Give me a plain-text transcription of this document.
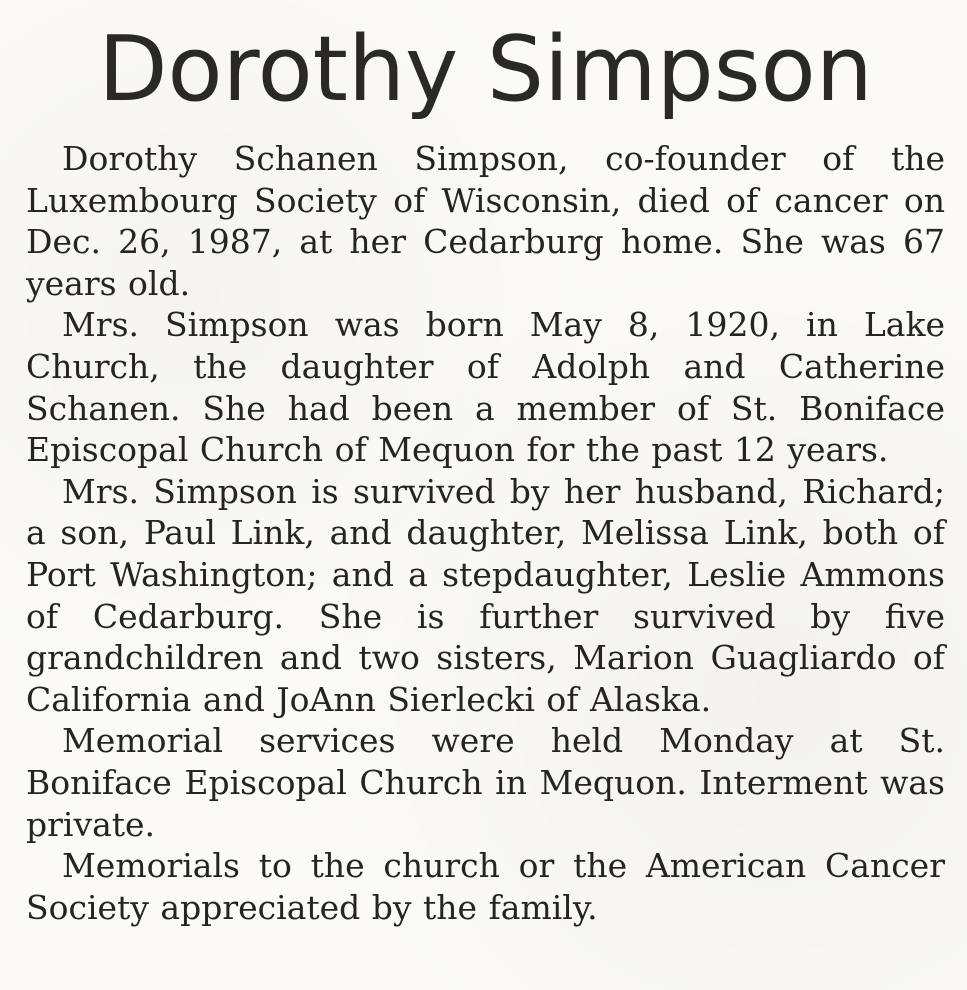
Dorothy Simpson

Dorothy Schanen Simpson, co-founder of the Luxembourg Society of Wisconsin, died of cancer on Dec. 26, 1987, at her Cedarburg home. She was 67 years old.

Mrs. Simpson was born May 8, 1920, in Lake Church, the daughter of Adolph and Catherine Schanen. She had been a member of St. Boniface Episcopal Church of Mequon for the past 12 years.

Mrs. Simpson is survived by her husband, Richard; a son, Paul Link, and daughter, Melissa Link, both of Port Washington; and a stepdaughter, Leslie Ammons of Cedarburg. She is further survived by five grandchildren and two sisters, Marion Guagliardo of California and JoAnn Sierlecki of Alaska.

Memorial services were held Monday at St. Boniface Episcopal Church in Mequon. Interment was private.

Memorials to the church or the American Cancer Society appreciated by the family.
